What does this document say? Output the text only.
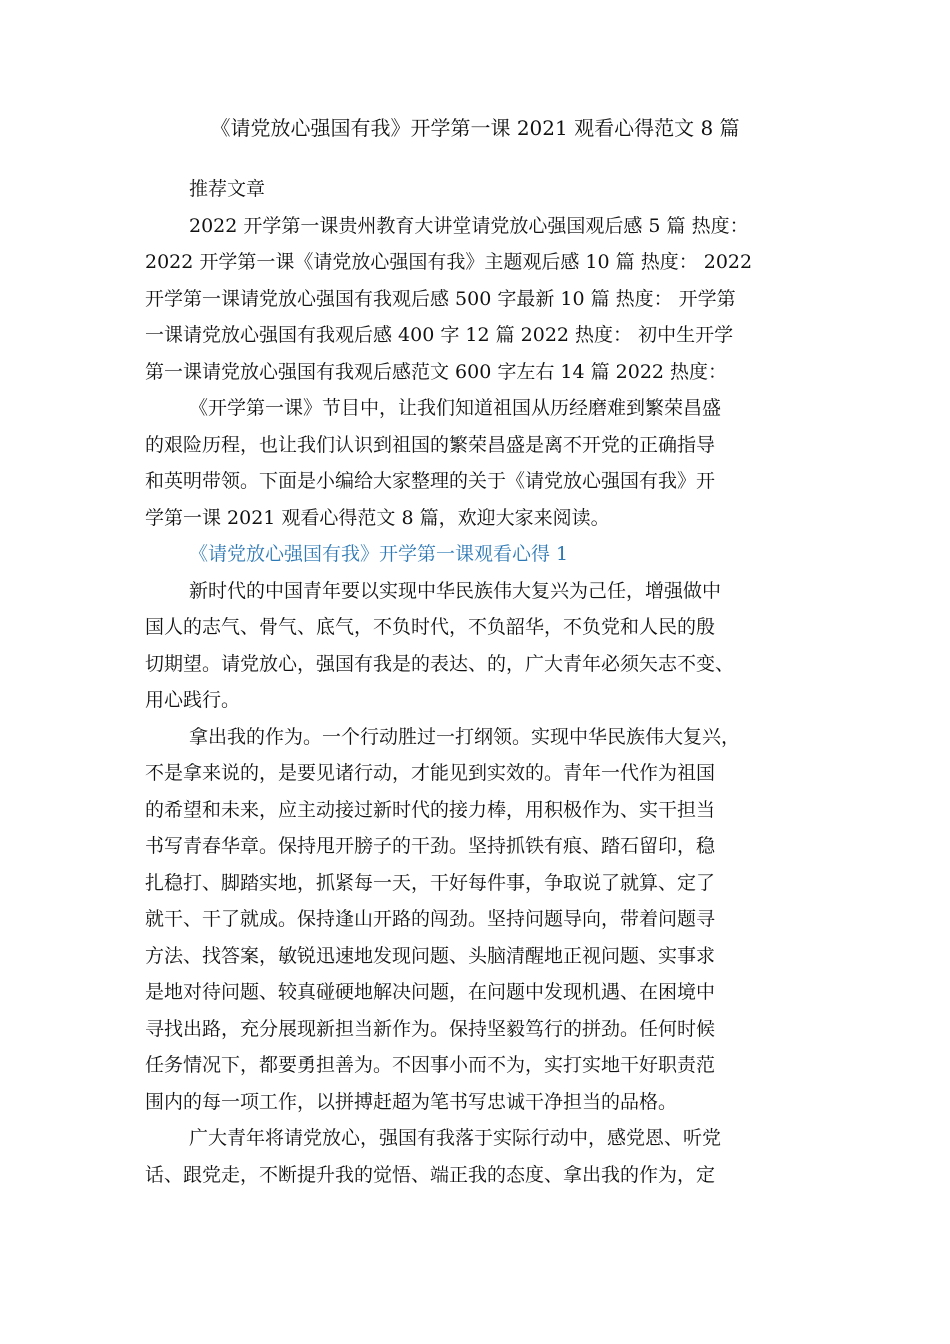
《请党放心强国有我》开学第一课 2021 观看心得范文 8 篇
推荐文章
2022 开学第一课贵州教育大讲堂请党放心强国观后感 5 篇 热度：
2022 开学第一课《请党放心强国有我》主题观后感 10 篇 热度： 2022
开学第一课请党放心强国有我观后感 500 字最新 10 篇 热度： 开学第
一课请党放心强国有我观后感 400 字 12 篇 2022 热度： 初中生开学
第一课请党放心强国有我观后感范文 600 字左右 14 篇 2022 热度：
《开学第一课》节目中，让我们知道祖国从历经磨难到繁荣昌盛
的艰险历程，也让我们认识到祖国的繁荣昌盛是离不开党的正确指导
和英明带领。下面是小编给大家整理的关于《请党放心强国有我》开
学第一课 2021 观看心得范文 8 篇，欢迎大家来阅读。
《请党放心强国有我》开学第一课观看心得 1
新时代的中国青年要以实现中华民族伟大复兴为己任，增强做中
国人的志气、骨气、底气，不负时代，不负韶华，不负党和人民的殷
切期望。请党放心，强国有我是的表达、的，广大青年必须矢志不变、
用心践行。
拿出我的作为。一个行动胜过一打纲领。实现中华民族伟大复兴，
不是拿来说的，是要见诸行动，才能见到实效的。青年一代作为祖国
的希望和未来，应主动接过新时代的接力棒，用积极作为、实干担当
书写青春华章。保持甩开膀子的干劲。坚持抓铁有痕、踏石留印，稳
扎稳打、脚踏实地，抓紧每一天，干好每件事，争取说了就算、定了
就干、干了就成。保持逢山开路的闯劲。坚持问题导向，带着问题寻
方法、找答案，敏锐迅速地发现问题、头脑清醒地正视问题、实事求
是地对待问题、较真碰硬地解决问题，在问题中发现机遇、在困境中
寻找出路，充分展现新担当新作为。保持坚毅笃行的拼劲。任何时候
任务情况下，都要勇担善为。不因事小而不为，实打实地干好职责范
围内的每一项工作，以拼搏赶超为笔书写忠诚干净担当的品格。
广大青年将请党放心，强国有我落于实际行动中，感党恩、听党
话、跟党走，不断提升我的觉悟、端正我的态度、拿出我的作为，定
